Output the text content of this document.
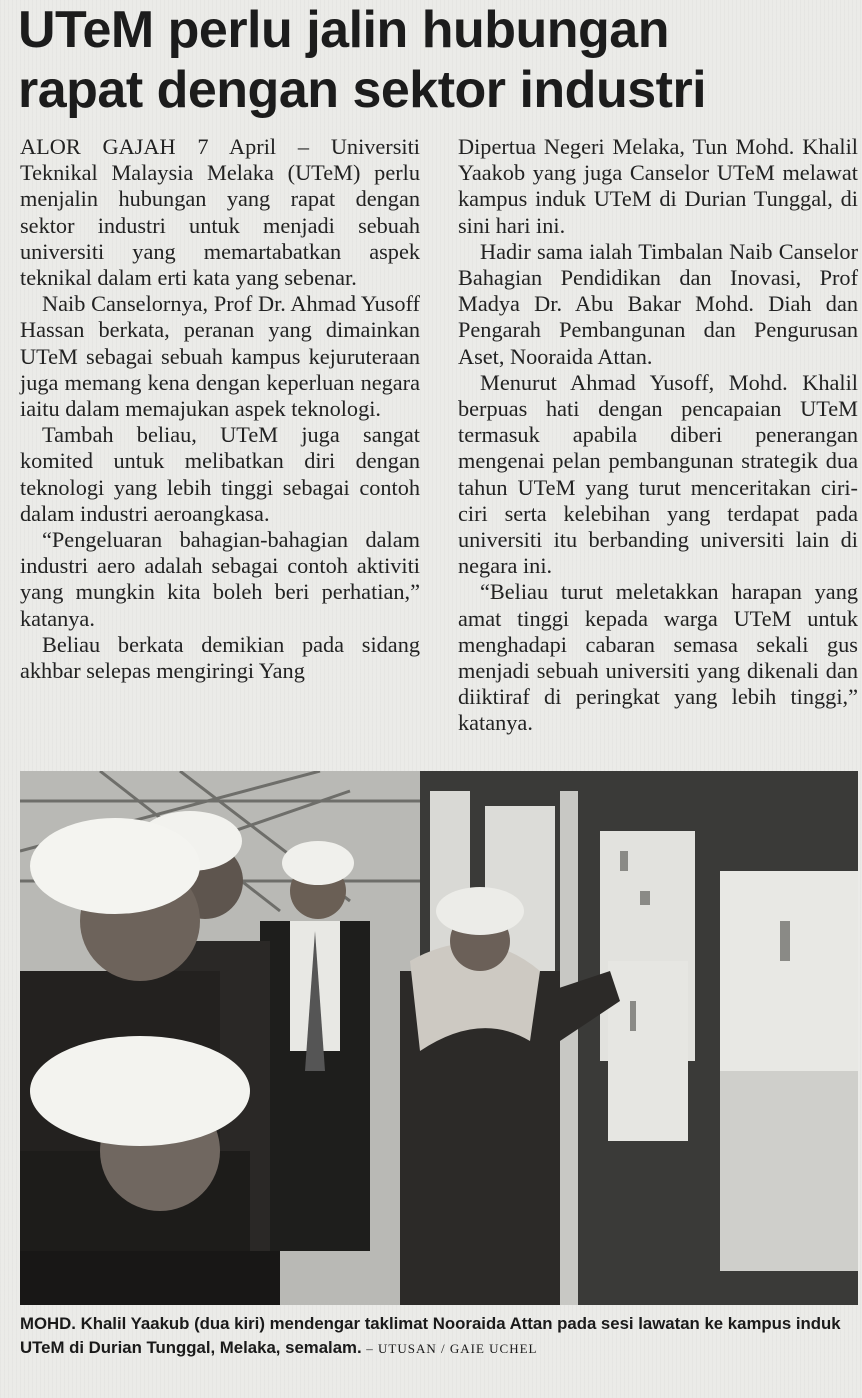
UTeM perlu jalin hubungan
rapat dengan sektor industri

ALOR GAJAH 7 April – Universiti Teknikal Malaysia Melaka (UTeM) perlu menjalin hubungan yang rapat dengan sektor industri untuk menjadi sebuah universiti yang memartabatkan aspek teknikal dalam erti kata yang sebenar.

Naib Canselornya, Prof Dr. Ahmad Yusoff Hassan berkata, peranan yang dimainkan UTeM sebagai sebuah kampus kejuruteraan juga memang kena dengan keperluan negara iaitu dalam memajukan aspek teknologi.

Tambah beliau, UTeM juga sangat komited untuk melibatkan diri dengan teknologi yang lebih tinggi sebagai contoh dalam industri aeroangkasa.

“Pengeluaran bahagian-bahagian dalam industri aero adalah sebagai contoh aktiviti yang mungkin kita boleh beri perhatian,” katanya.

Beliau berkata demikian pada sidang akhbar selepas mengiringi Yang

Dipertua Negeri Melaka, Tun Mohd. Khalil Yaakob yang juga Canselor UTeM melawat kampus induk UTeM di Durian Tunggal, di sini hari ini.

Hadir sama ialah Timbalan Naib Canselor Bahagian Pendidikan dan Inovasi, Prof Madya Dr. Abu Bakar Mohd. Diah dan Pengarah Pembangunan dan Pengurusan Aset, Nooraida Attan.

Menurut Ahmad Yusoff, Mohd. Khalil berpuas hati dengan pencapaian UTeM termasuk apabila diberi penerangan mengenai pelan pembangunan strategik dua tahun UTeM yang turut menceritakan ciri-ciri serta kelebihan yang terdapat pada universiti itu berbanding universiti lain di negara ini.

“Beliau turut meletakkan harapan yang amat tinggi kepada warga UTeM untuk menghadapi cabaran semasa sekali gus menjadi sebuah universiti yang dikenali dan diiktiraf di peringkat yang lebih tinggi,” katanya.

MOHD. Khalil Yaakub (dua kiri) mendengar taklimat Nooraida Attan pada sesi lawatan ke kampus induk UTeM di Durian Tunggal, Melaka, semalam. – UTUSAN / GAIE UCHEL
